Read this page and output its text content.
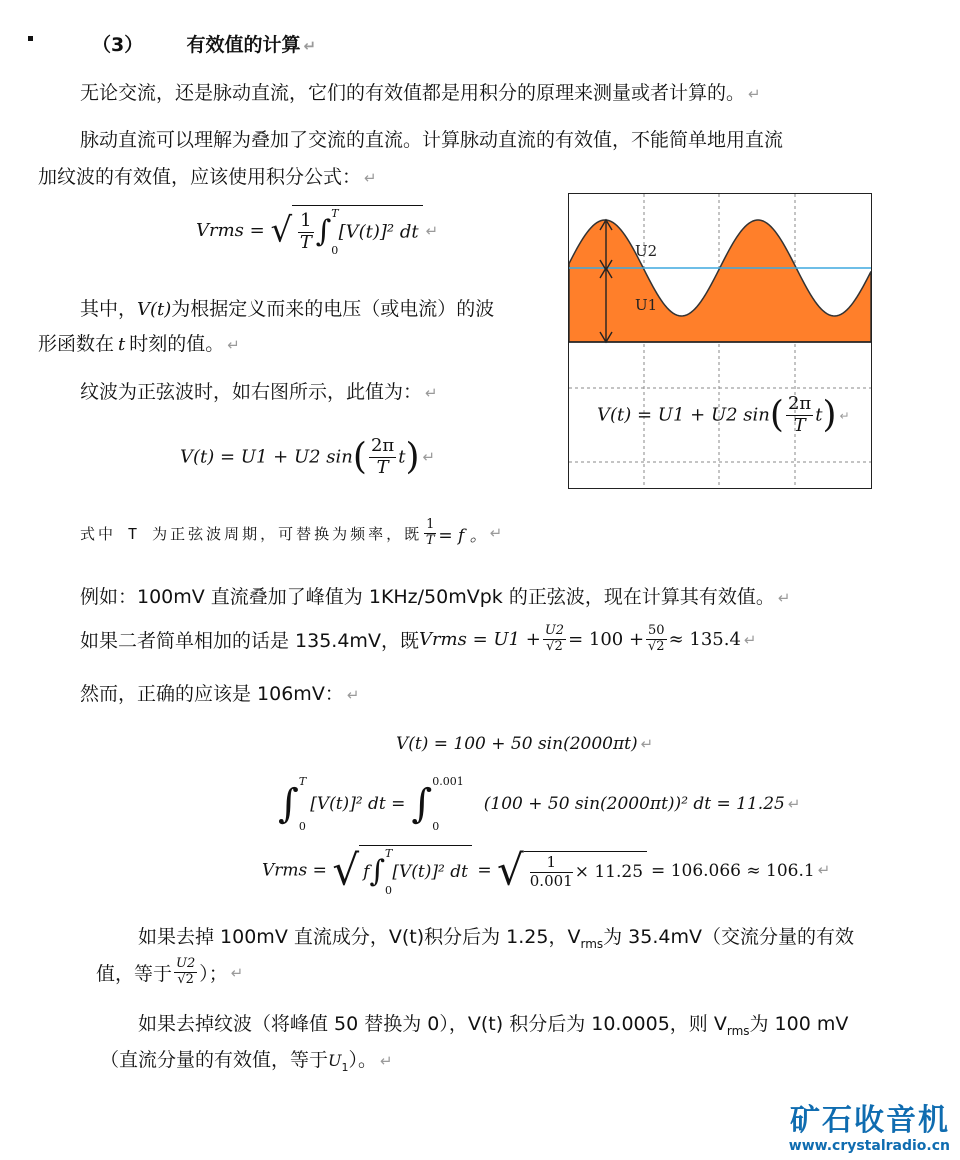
（3） 有效值的计算 ↵
无论交流，还是脉动直流，它们的有效值都是用积分的原理来测量或者计算的。 ↵
脉动直流可以理解为叠加了交流的直流。计算脉动直流的有效值，不能简单地用直流
加纹波的有效值，应该使用积分公式： ↵
Vrms = √ $\frac{1}{T}$ ∫
T
0
[V(t)]² dt ↵
其中，V(t)为根据定义而来的电压（或电流）的波
形函数在 t 时刻的值。 ↵
纹波为正弦波时，如右图所示，此值为： ↵
V(t) = U1 + U2 $\sin( \frac{2\pi}{T} t)$ ↵
U2
U1
V(t) = U1 + U2 $\sin( \frac{2\pi}{T} t)$ ↵
式中 T 为正弦波周期，可替换为频率，既 $\frac{1}{T} = f$ 。 ↵
例如：100mV 直流叠加了峰值为 1KHz/50mVpk 的正弦波，现在计算其有效值。 ↵
如果二者简单相加的话是 135.4mV，既Vrms = $U1 + \frac{U2}{√2} = 100 + \frac{50}{√2} \approx 135.4$ ↵
然而，正确的应该是 106mV： ↵
V(t) = 100 + 50 sin(2000πt) ↵
∫ T
0
[V(t)]² dt = ∫ 0.001
0
(100 + 50 sin(2000πt))² dt = 11.25 ↵
Vrms = √ f∫
T
0
[V(t)]² dt = √ $\frac{1}{0.001} \times 11.25 = 106.066 \approx 106.1$ ↵
如果去掉 100mV 直流成分，V(t)积分后为 1.25，$V_{rms}$为 35.4mV（交流分量的有效
值，等于 $\frac{U2}{√2}$ ）； ↵
如果去掉纹波（将峰值 50 替换为 0），V(t) 积分后为 10.0005，则 $V_{rms}$为 100 mV
（直流分量的有效值，等于$U_1$）。 ↵
矿石收音机
www.crystalradio.cn
